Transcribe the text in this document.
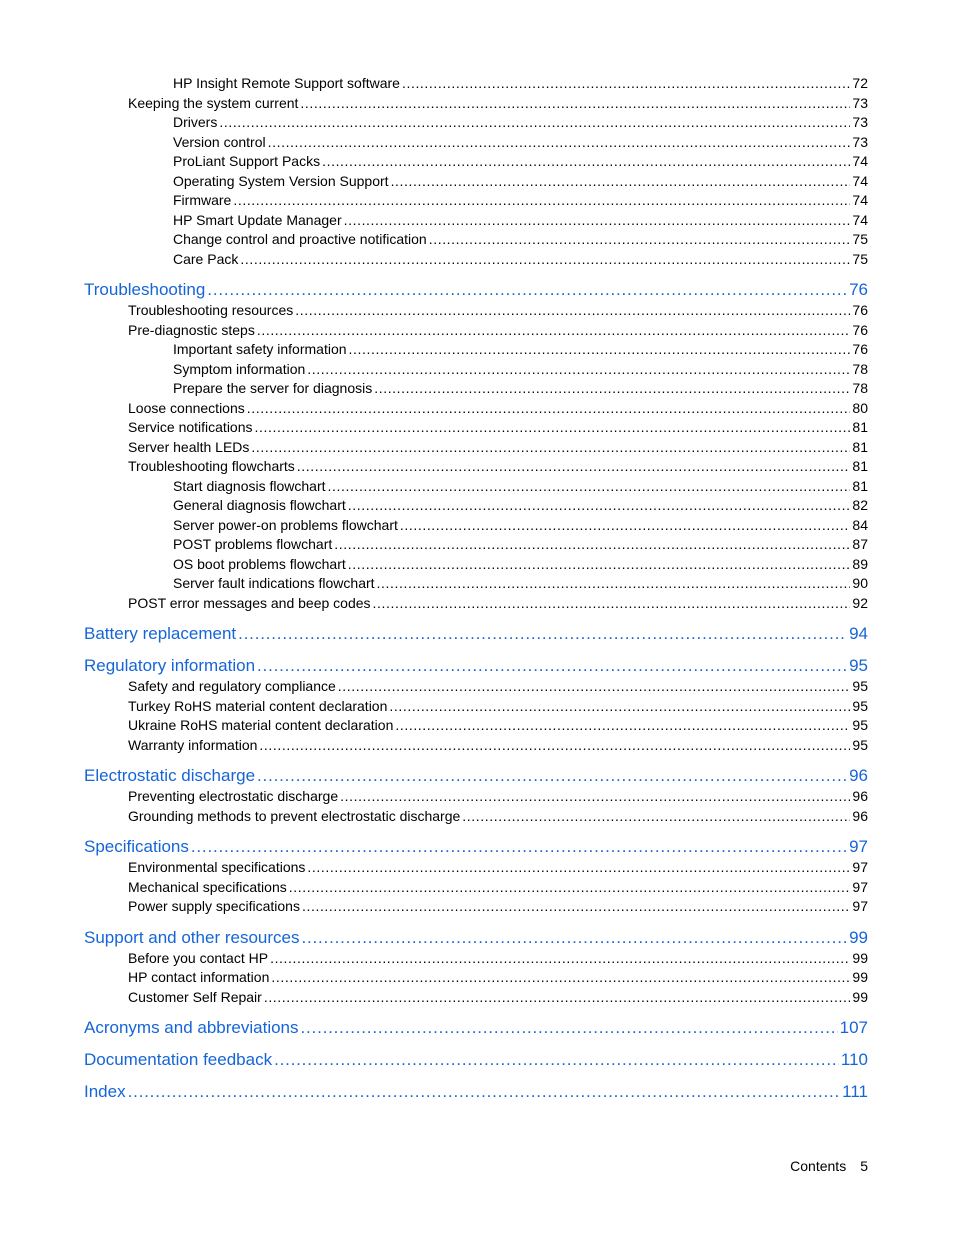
HP Insight Remote Support software .....	72
Keeping the system current .....	73
Drivers .....	73
Version control .....	73
ProLiant Support Packs .....	74
Operating System Version Support .....	74
Firmware .....	74
HP Smart Update Manager .....	74
Change control and proactive notification .....	75
Care Pack .....	75
Troubleshooting .....	76
Troubleshooting resources .....	76
Pre-diagnostic steps .....	76
Important safety information .....	76
Symptom information .....	78
Prepare the server for diagnosis .....	78
Loose connections .....	80
Service notifications .....	81
Server health LEDs .....	81
Troubleshooting flowcharts .....	81
Start diagnosis flowchart .....	81
General diagnosis flowchart .....	82
Server power-on problems flowchart .....	84
POST problems flowchart .....	87
OS boot problems flowchart .....	89
Server fault indications flowchart .....	90
POST error messages and beep codes .....	92
Battery replacement .....	94
Regulatory information .....	95
Safety and regulatory compliance .....	95
Turkey RoHS material content declaration .....	95
Ukraine RoHS material content declaration .....	95
Warranty information .....	95
Electrostatic discharge .....	96
Preventing electrostatic discharge .....	96
Grounding methods to prevent electrostatic discharge .....	96
Specifications .....	97
Environmental specifications .....	97
Mechanical specifications .....	97
Power supply specifications .....	97
Support and other resources .....	99
Before you contact HP .....	99
HP contact information .....	99
Customer Self Repair .....	99
Acronyms and abbreviations .....	107
Documentation feedback .....	110
Index .....	111
Contents 5
